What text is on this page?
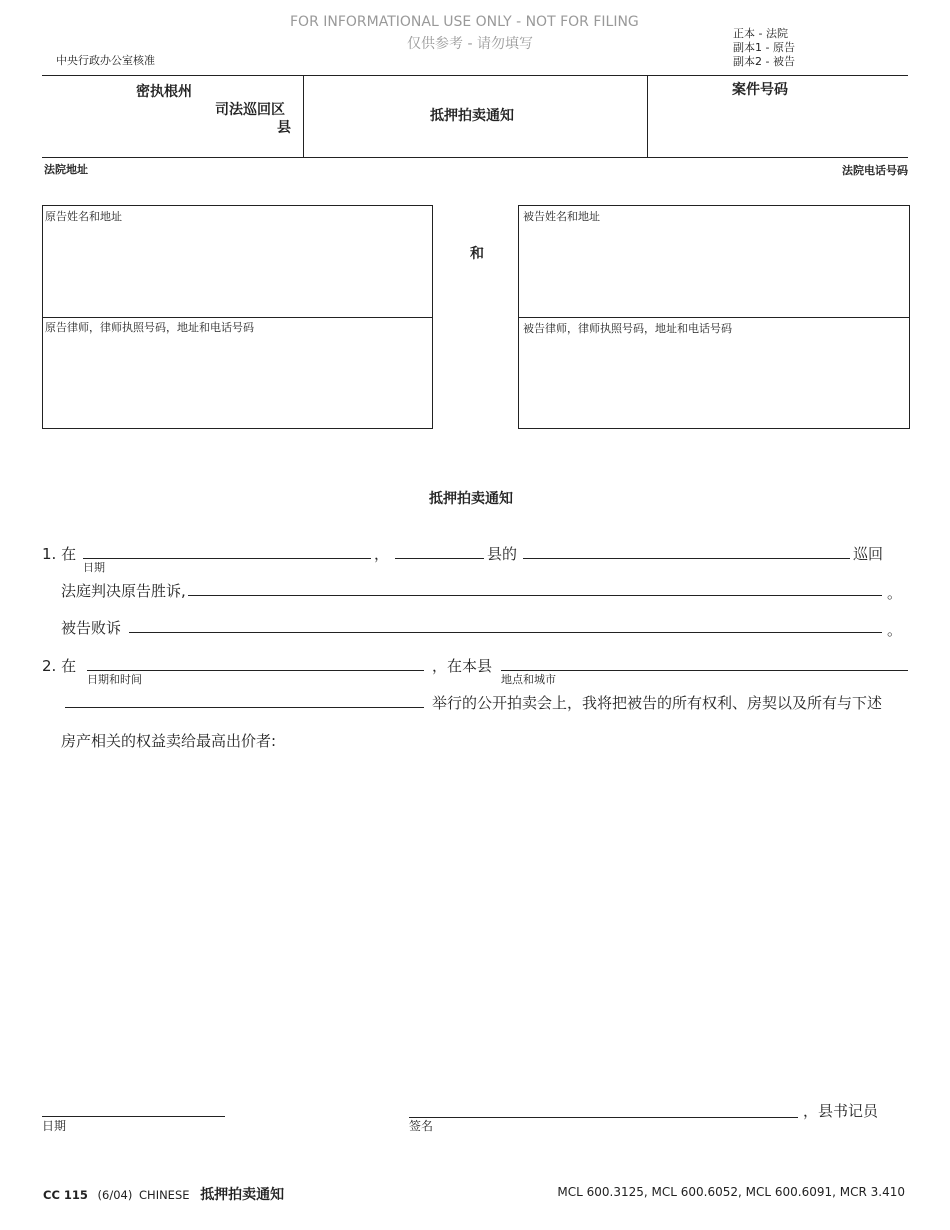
FOR INFORMATIONAL USE ONLY - NOT FOR FILING
仅供参考 - 请勿填写
中央行政办公室核准
正本 - 法院
副本1 - 原告
副本2 - 被告
密执根州
司法巡回区
县
抵押拍卖通知
案件号码
法院地址	法院电话号码
原告姓名和地址
原告律师，律师执照号码，地址和电话号码
和
被告姓名和地址
被告律师，律师执照号码，地址和电话号码
抵押拍卖通知
1. 在
日期
，	县的	巡回
法庭判决原告胜诉,	。
被告败诉	。
2. 在
日期和时间
，在本县
地点和城市
举行的公开拍卖会上，我将把被告的所有权利、房契以及所有与下述
房产相关的权益卖给最高出价者:
日期	签名
，县书记员
CC 115 (6/04) CHINESE 抵押拍卖通知	MCL 600.3125, MCL 600.6052, MCL 600.6091, MCR 3.410
